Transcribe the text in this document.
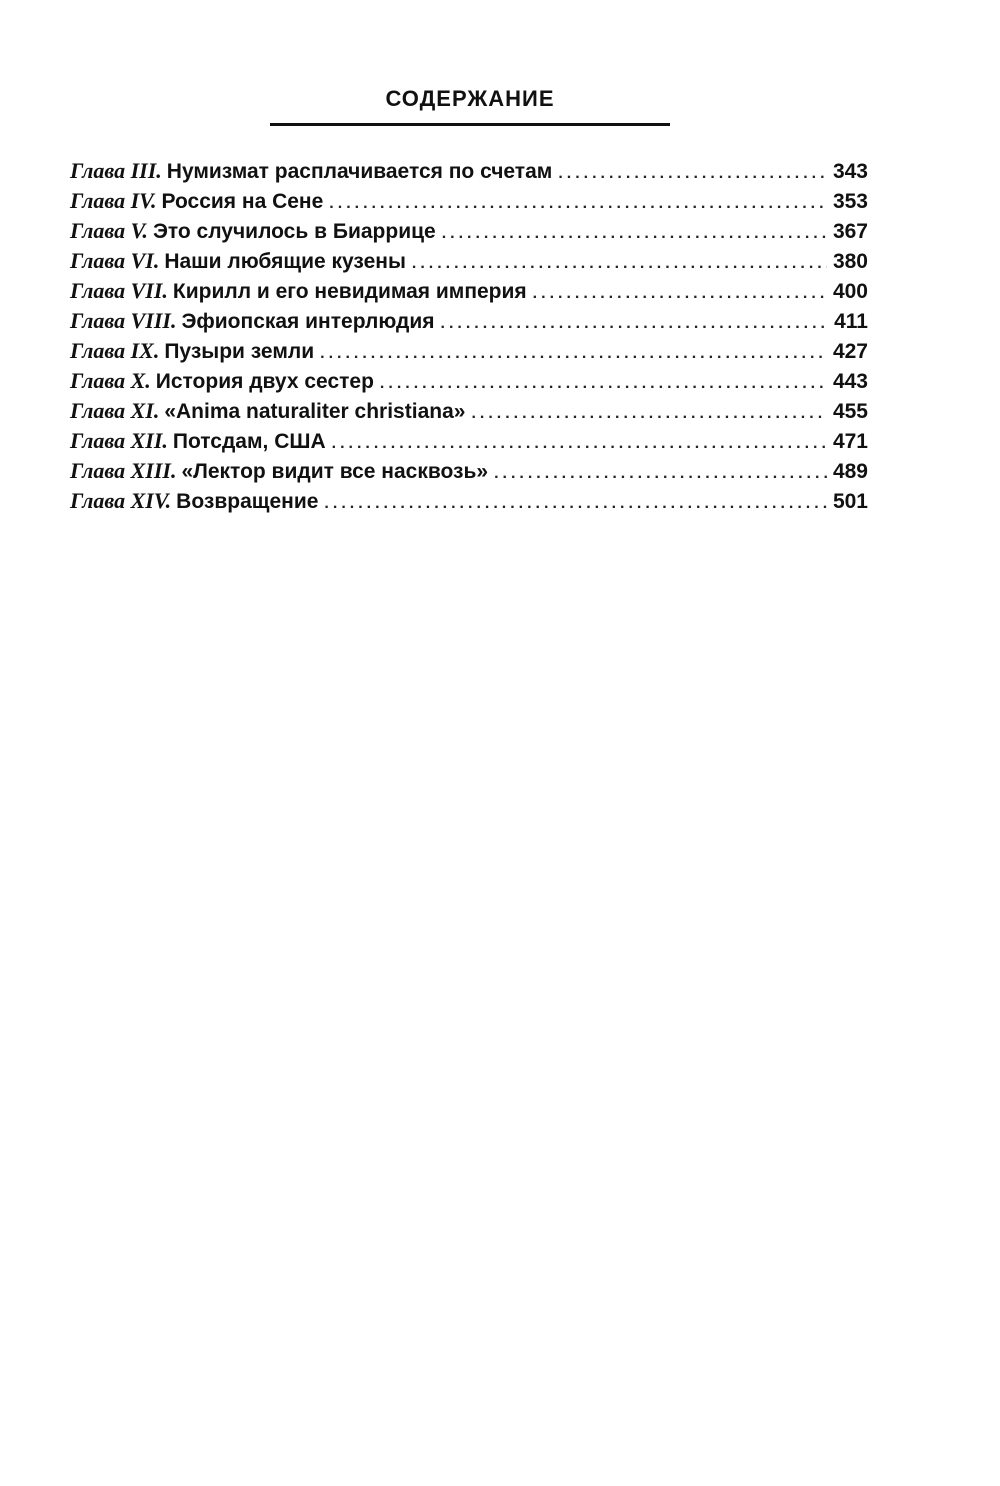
СОДЕРЖАНИЕ
Глава III. Нумизмат расплачивается по счетам .....	343
Глава IV. Россия на Сене .....	353
Глава V. Это случилось в Биаррице .....	367
Глава VI. Наши любящие кузены .....	380
Глава VII. Кирилл и его невидимая империя .....	400
Глава VIII. Эфиопская интерлюдия .....	411
Глава IX. Пузыри земли .....	427
Глава X. История двух сестер .....	443
Глава XI. «Anima naturaliter christiana» .....	455
Глава XII. Потсдам, США .....	471
Глава XIII. «Лектор видит все насквозь» .....	489
Глава XIV. Возвращение .....	501
